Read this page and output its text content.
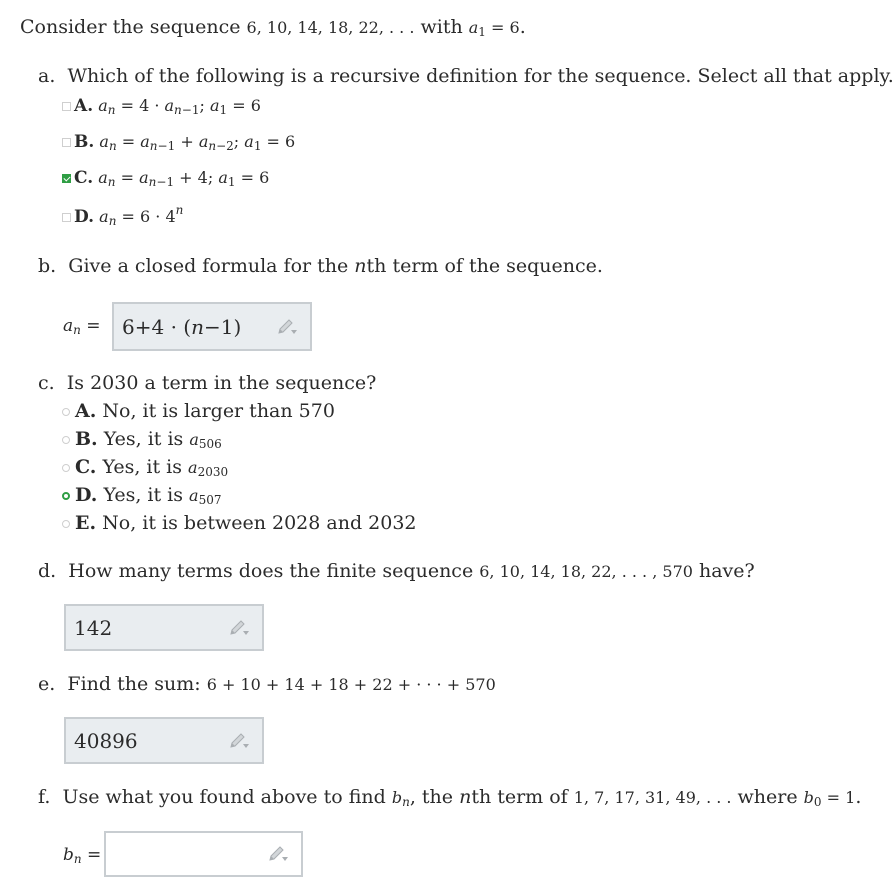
Consider the sequence 6, 10, 14, 18, 22, . . . with $a_1 = 6$.
a. Which of the following is a recursive definition for the sequence. Select all that apply.
A. $a_n = 4 \cdot a_{n-1}$; $a_1 = 6$
B. $a_n = a_{n-1} + a_{n-2}$; $a_1 = 6$
C. $a_n = a_{n-1} + 4$; $a_1 = 6$
D. $a_n = 6 \cdot 4^n$
b. Give a closed formula for the nth term of the sequence.
$a_n = 6+4 \cdot (n-1)$
c. Is 2030 a term in the sequence?
A. No, it is larger than 570
B. Yes, it is $a_{506}$
C. Yes, it is $a_{2030}$
D. Yes, it is $a_{507}$
E. No, it is between 2028 and 2032
d. How many terms does the finite sequence 6, 10, 14, 18, 22, . . . , 570 have?
142
e. Find the sum: 6 + 10 + 14 + 18 + 22 + · · · + 570
40896
f. Use what you found above to find $b_n$, the nth term of 1, 7, 17, 31, 49, . . . where $b_0 = 1$.
$b_n$ =
